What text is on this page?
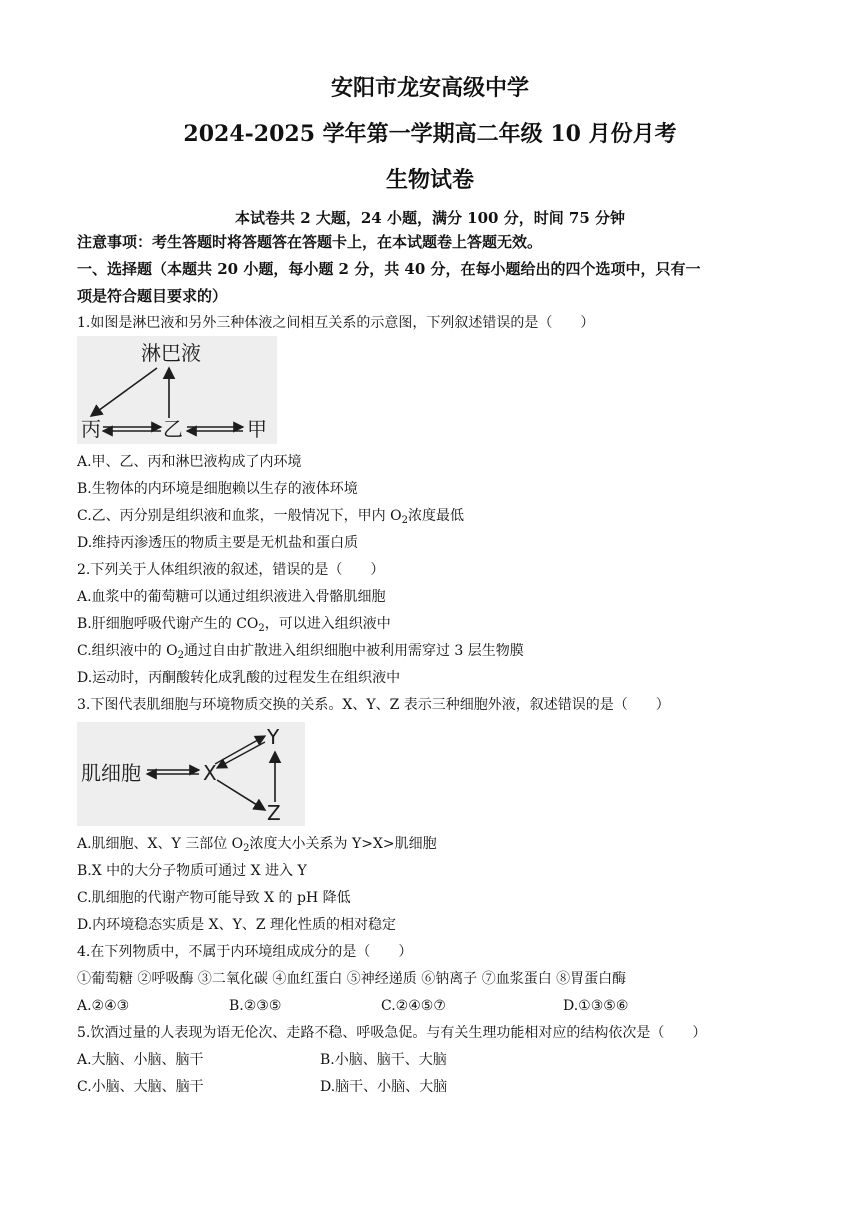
安阳市龙安高级中学
2024-2025 学年第一学期高二年级 10 月份月考
生物试卷
本试卷共 2 大题，24 小题，满分 100 分，时间 75 分钟
注意事项：考生答题时将答题答在答题卡上，在本试题卷上答题无效。
一、选择题（本题共 20 小题，每小题 2 分，共 40 分，在每小题给出的四个选项中，只有一
项是符合题目要求的）
1.如图是淋巴液和另外三种体液之间相互关系的示意图，下列叙述错误的是（　　）
淋巴液
丙	乙	甲
A.甲、乙、丙和淋巴液构成了内环境
B.生物体的内环境是细胞赖以生存的液体环境
C.乙、丙分别是组织液和血浆，一般情况下，甲内 $O_2$浓度最低
D.维持丙渗透压的物质主要是无机盐和蛋白质
2.下列关于人体组织液的叙述，错误的是（　　）
A.血浆中的葡萄糖可以通过组织液进入骨骼肌细胞
B.肝细胞呼吸代谢产生的 $CO_2$，可以进入组织液中
C.组织液中的 $O_2$通过自由扩散进入组织细胞中被利用需穿过 3 层生物膜
D.运动时，丙酮酸转化成乳酸的过程发生在组织液中
3.下图代表肌细胞与环境物质交换的关系。X、Y、Z 表示三种细胞外液，叙述错误的是（　　）
肌细胞	X
Y
Z
A.肌细胞、X、Y 三部位 $O_2$浓度大小关系为 Y>X>肌细胞
B.X 中的大分子物质可通过 X 进入 Y
C.肌细胞的代谢产物可能导致 X 的 pH 降低
D.内环境稳态实质是 X、Y、Z 理化性质的相对稳定
4.在下列物质中，不属于内环境组成成分的是（　　）
①葡萄糖 ②呼吸酶 ③二氧化碳 ④血红蛋白 ⑤神经递质 ⑥钠离子 ⑦血浆蛋白 ⑧胃蛋白酶
A.②④③	B.②③⑤	C.②④⑤⑦	D.①③⑤⑥
5.饮酒过量的人表现为语无伦次、走路不稳、呼吸急促。与有关生理功能相对应的结构依次是（　　）
A.大脑、小脑、脑干	B.小脑、脑干、大脑
C.小脑、大脑、脑干	D.脑干、小脑、大脑
